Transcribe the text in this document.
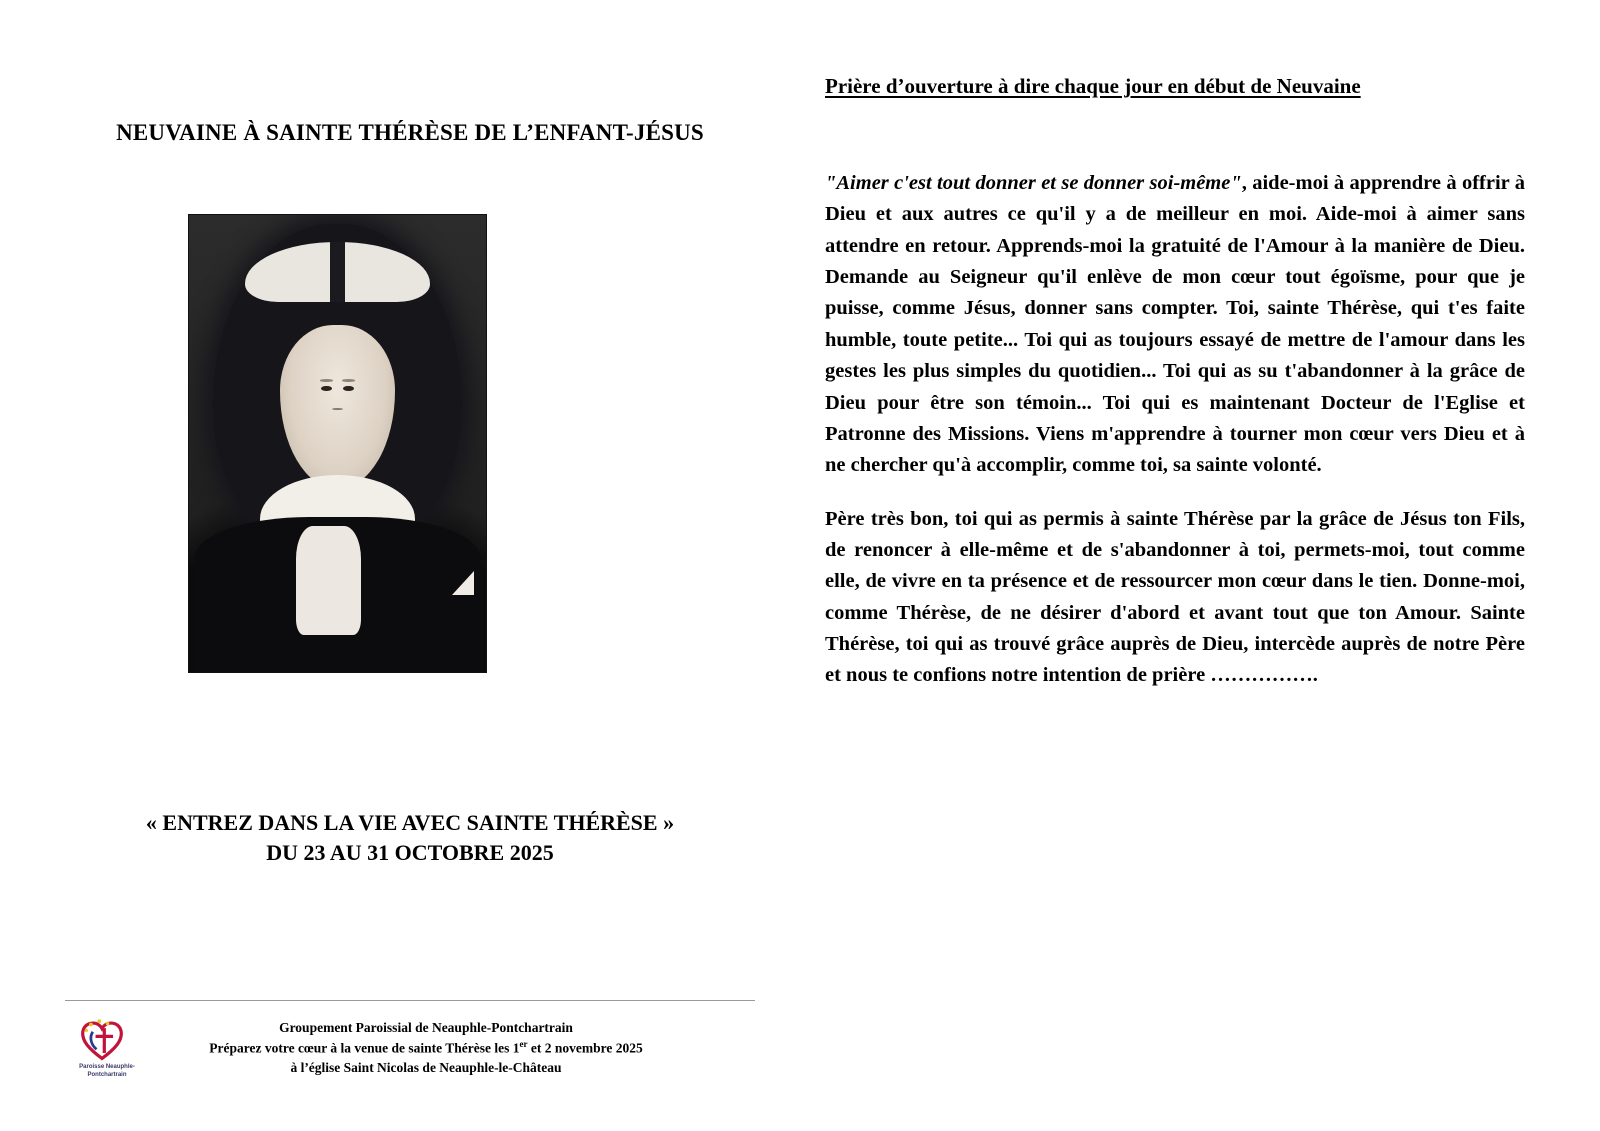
NEUVAINE À SAINTE THÉRÈSE DE L’ENFANT-JÉSUS
« ENTREZ DANS LA VIE AVEC SAINTE THÉRÈSE »
DU 23 AU 31 OCTOBRE 2025
Paroisse Neauphle-Pontchartrain
Groupement Paroissial de Neauphle-Pontchartrain
Préparez votre cœur à la venue de sainte Thérèse les 1er et 2 novembre 2025
à l’église Saint Nicolas de Neauphle-le-Château
Prière d’ouverture à dire chaque jour en début de Neuvaine

"Aimer c'est tout donner et se donner soi-même", aide-moi à apprendre à offrir à Dieu et aux autres ce qu'il y a de meilleur en moi. Aide-moi à aimer sans attendre en retour. Apprends-moi la gratuité de l'Amour à la manière de Dieu. Demande au Seigneur qu'il enlève de mon cœur tout égoïsme, pour que je puisse, comme Jésus, donner sans compter. Toi, sainte Thérèse, qui t'es faite humble, toute petite... Toi qui as toujours essayé de mettre de l'amour dans les gestes les plus simples du quotidien... Toi qui as su t'abandonner à la grâce de Dieu pour être son témoin... Toi qui es maintenant Docteur de l'Eglise et Patronne des Missions. Viens m'apprendre à tourner mon cœur vers Dieu et à ne chercher qu'à accomplir, comme toi, sa sainte volonté.

Père très bon, toi qui as permis à sainte Thérèse par la grâce de Jésus ton Fils, de renoncer à elle-même et de s'abandonner à toi, permets-moi, tout comme elle, de vivre en ta présence et de ressourcer mon cœur dans le tien. Donne-moi, comme Thérèse, de ne désirer d'abord et avant tout que ton Amour. Sainte Thérèse, toi qui as trouvé grâce auprès de Dieu, intercède auprès de notre Père et nous te confions notre intention de prière …………….
